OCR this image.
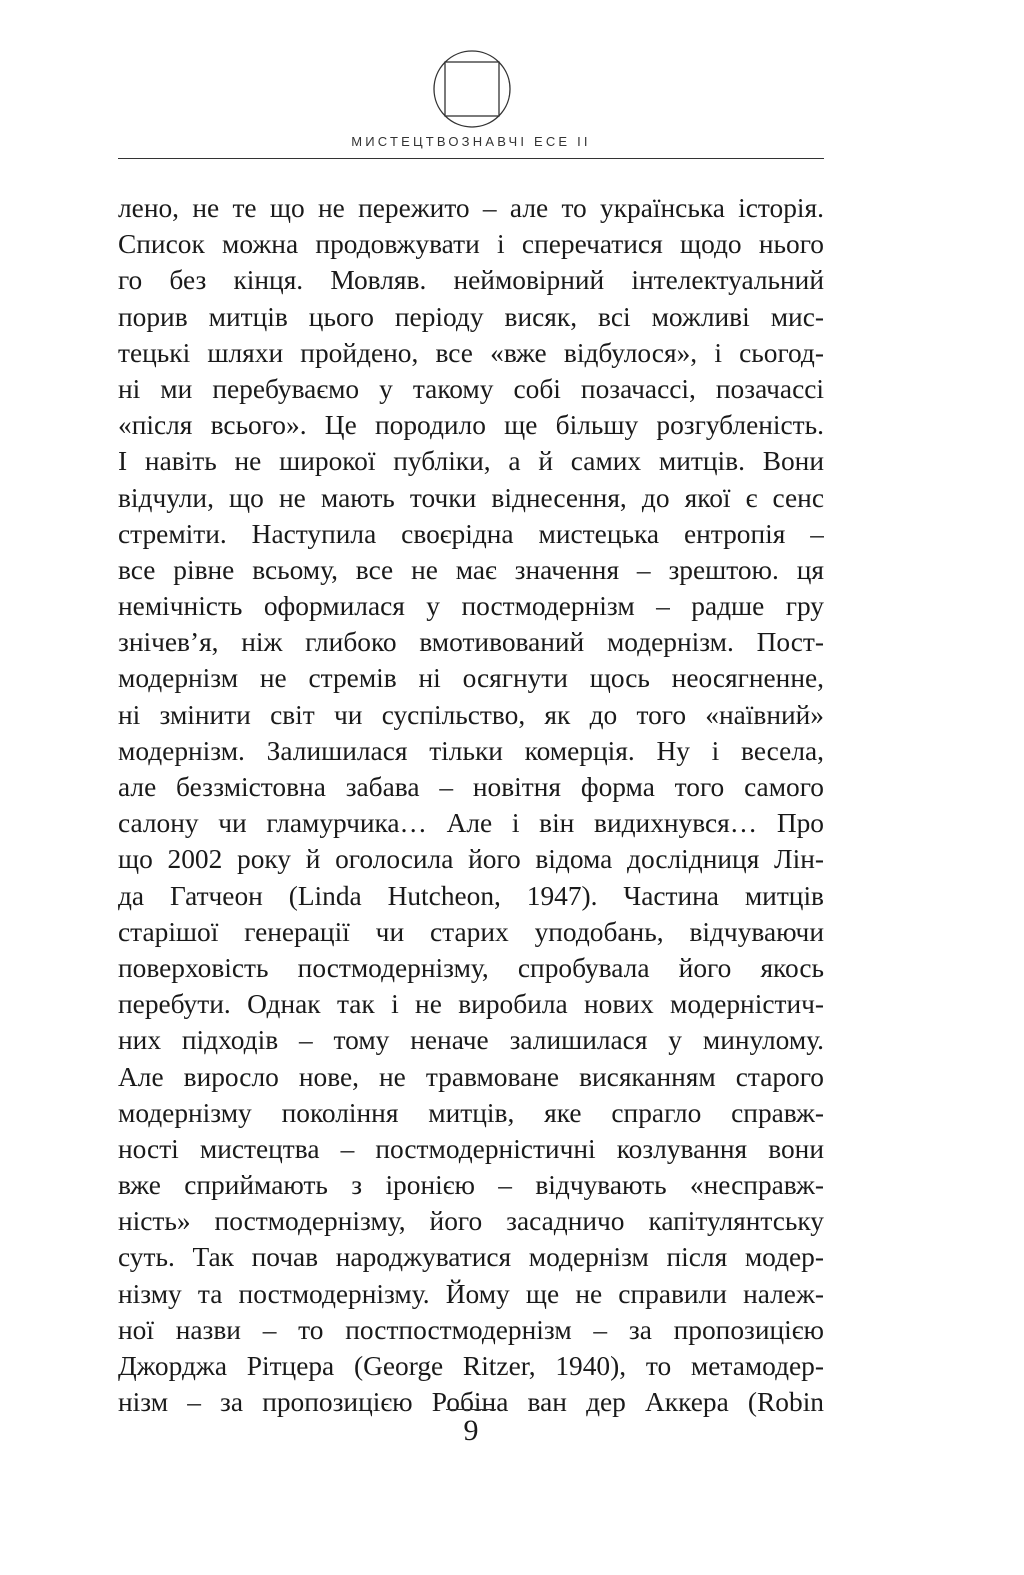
МИСТЕЦТВОЗНАВЧІ ЕСЕ II
лено, не те що не пережито – але то українська історія.
Список можна продовжувати і сперечатися щодо нього
го без кінця. Мовляв. неймовірний інтелектуальний
порив митців цього періоду висяк, всі можливі мис-
тецькі шляхи пройдено, все «вже відбулося», і сьогод-
ні ми перебуваємо у такому собі позачассі, позачассі
«після всього». Це породило ще більшу розгубленість.
І навіть не широкої публіки, а й самих митців. Вони
відчули, що не мають точки віднесення, до якої є сенс
стреміти. Наступила своєрідна мистецька ентропія –
все рівне всьому, все не має значення – зрештою. ця
немічність оформилася у постмодернізм – радше гру
знічев’я, ніж глибоко вмотивований модернізм. Пост-
модернізм не стремів ні осягнути щось неосягненне,
ні змінити світ чи суспільство, як до того «наївний»
модернізм. Залишилася тільки комерція. Ну і весела,
але беззмістовна забава – новітня форма того самого
салону чи гламурчика… Але і він видихнувся… Про
що 2002 року й оголосила його відома дослідниця Лін-
да Гатчеон (Linda Hutcheon, 1947). Частина митців
старішої генерації чи старих уподобань, відчуваючи
поверховість постмодернізму, спробувала його якось
перебути. Однак так і не виробила нових модерністич-
них підходів – тому неначе залишилася у минулому.
Але виросло нове, не травмоване висяканням старого
модернізму покоління митців, яке спрагло справж-
ності мистецтва – постмодерністичні козлування вони
вже сприймають з іронією – відчувають «несправж-
ність» постмодернізму, його засадничо капітулянтську
суть. Так почав народжуватися модернізм після модер-
нізму та постмодернізму. Йому ще не справили належ-
ної назви – то постпостмодернізм – за пропозицією
Джорджа Рітцера (George Ritzer, 1940), то метамодер-
нізм – за пропозицією Робіна ван дер Аккера (Robin
9
